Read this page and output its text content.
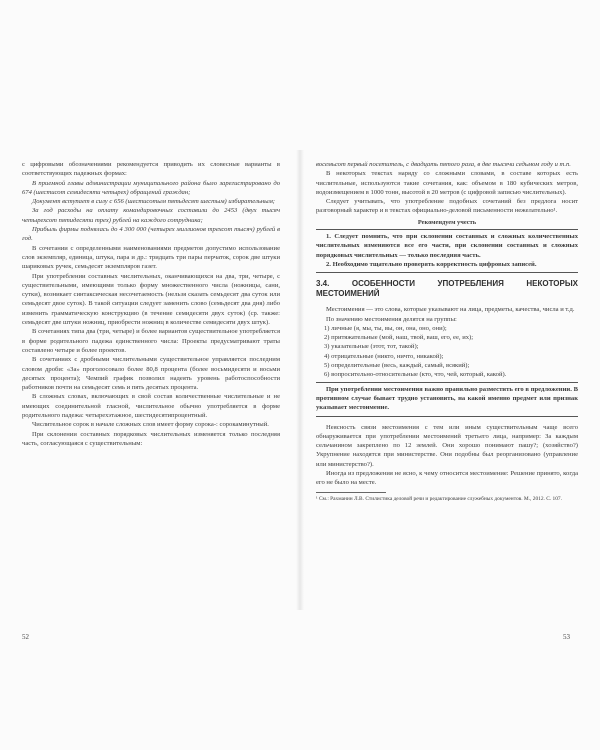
с цифровыми обозначениями рекомендуется приводить их словесные варианты в соответствующих падежных формах:

В приемной главы администрации муниципального района было зарегистрировано до 674 (шестисот семидесяти четырех) обращений граждан;

Документ вступает в силу с 656 (шестисотым пятьдесят шестым) избирательным;

За год расходы на оплату командировочных составили до 2453 (двух тысяч четырехсот пятидесяти трех) рублей на каждого сотрудника;

Прибыль фирмы поднялась до 4 300 000 (четырех миллионов трехсот тысяч) рублей в год.

В сочетании с определенными наименованиями предметов допустимо использование слов экземпляр, единица, штука, пара и др.: тридцать три пары перчаток, сорок две штуки шариковых ручек, семьдесят экземпляров газет.

При употреблении составных числительных, оканчивающихся на два, три, четыре, с существительными, имеющими только форму множественного числа (ножницы, сани, сутки), возникает синтаксическая несочетаемость (нельзя сказать семьдесят два суток или семьдесят двое суток). В такой ситуации следует заменить слово (семьдесят два дня) либо изменить грамматическую конструкцию (в течение семидесяти двух суток) (ср. также: семьдесят две штуки ножниц, приобрести ножниц в количестве семидесяти двух штук).

В сочетаниях типа два (три, четыре) и более вариантов существительное употребляется в форме родительного падежа единственного числа: Проекты предусматривают траты составлено четыре и более проектов.

В сочетаниях с дробными числительными существительное управляется последним словом дроби: «За» проголосовало более 80,8 процента (более восьмидесяти и восьми десятых процента); Чемпий график позволил надеять уровень работоспособности работников почти на семьдесят семь и пять десятых процента.

В сложных словах, включающих в свой состав количественные числительные и не имеющих соединительной гласной, числительное обычно употребляется в форме родительного падежа: четырехэтажное, шестидесятипроцентный.

Числительное сорок в начале сложных слов имеет форму сорока-: сорокаминутный.

При склонении составных порядковых числительных изменяется только последняя часть, согласующаяся с существительным:

52

восемьсот первый посетитель, с двадцать пятого раза, в две тысячи седьмом году и т.п.

В некоторых текстах наряду со сложными словами, в составе которых есть числительные, используются такие сочетания, как: объемом в 180 кубических метров, водоизмещением в 1000 тонн, высотой в 20 метров (с цифровой записью числительных).

Следует учитывать, что употребление подобных сочетаний без предлога носит разговорный характер и в текстах официально-деловой письменности нежелательно¹.

Рекомендуем учесть

1. Следует помнить, что при склонении составных и сложных количественных числительных изменяются все его части, при склонении составных и сложных порядковых числительных — только последняя часть.

2. Необходимо тщательно проверять корректность цифровых записей.

3.4. ОСОБЕННОСТИ УПОТРЕБЛЕНИЯ НЕКОТОРЫХ МЕСТОИМЕНИЙ

Местоимения — это слова, которые указывают на лица, предметы, качества, числа и т.д.

По значению местоимения делятся на группы:

1) личные (я, мы, ты, вы, он, она, оно, они);

2) притяжательные (мой, наш, твой, ваш, его, ее, их);

3) указательные (этот, тот, такой);

4) отрицательные (никто, ничто, никакой);

5) определительные (весь, каждый, самый, всякий);

6) вопросительно-относительные (кто, что, чей, который, какой).

При употреблении местоимения важно правильно разместить его в предложении. В противном случае бывает трудно установить, на какой именно предмет или признак указывает местоимение.

Неясность связи местоимения с тем или иным существительным чаще всего обнаруживается при употреблении местоимений третьего лица, например: За каждым сельчанином закреплено по 12 землей. Они хорошо понимают пашу?; (хозяйство?) Укрупнение находятся при министерстве. Они подобны был реорганизовано (управление или министерство?).

Иногда из предложения не ясно, к чему относится местоимение: Решение принято, когда его не было на месте.

¹ См.: Рахманин Л.В. Стилистика деловой речи и редактирование служебных документов. М., 2012. С. 107.

53
